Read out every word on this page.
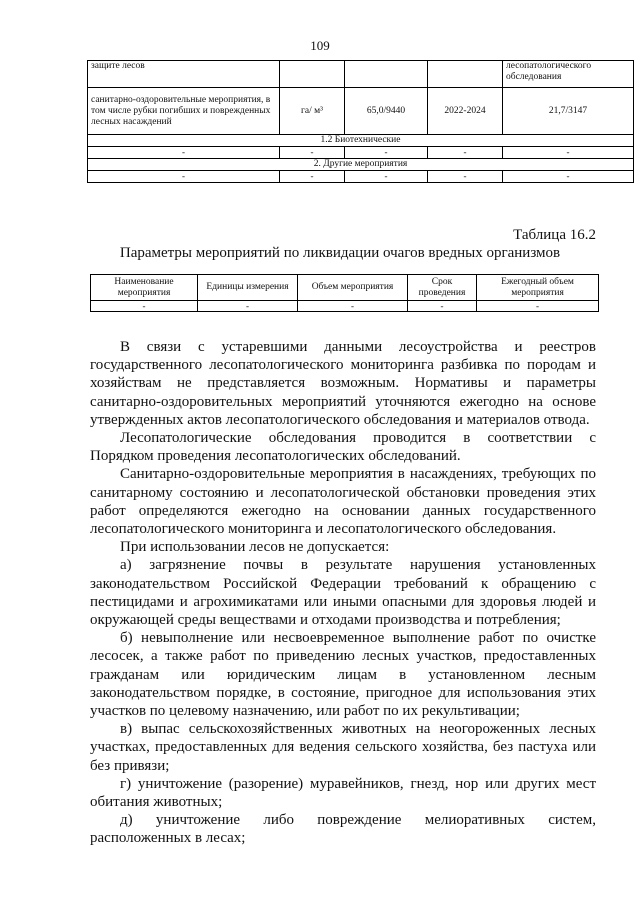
109
защите лесов				лесопатологического обследования
санитарно-оздоровительные мероприятия, в том числе рубки погибших и поврежденных лесных насаждений	га/ м³	65,0/9440	2022-2024	21,7/3147
1.2 Биотехнические				
-	-	-	-	-
2. Другие мероприятия				
-	-	-	-	-
Таблица 16.2
Параметры мероприятий по ликвидации очагов вредных организмов
Наименование мероприятия	Единицы измерения	Объем мероприятия	Срок проведения	Ежегодный объем мероприятия
-	-	-	-	-

В связи с устаревшими данными лесоустройства и реестров государственного лесопатологического мониторинга разбивка по породам и хозяйствам не представляется возможным. Нормативы и параметры санитарно-оздоровительных мероприятий уточняются ежегодно на основе утвержденных актов лесопатологического обследования и материалов отвода.

Лесопатологические обследования проводится в соответствии с Порядком проведения лесопатологических обследований.

Санитарно-оздоровительные мероприятия в насаждениях, требующих по санитарному состоянию и лесопатологической обстановки проведения этих работ определяются ежегодно на основании данных государственного лесопатологического мониторинга и лесопатологического обследования.

При использовании лесов не допускается:

а) загрязнение почвы в результате нарушения установленных законодательством Российской Федерации требований к обращению с пестицидами и агрохимикатами или иными опасными для здоровья людей и окружающей среды веществами и отходами производства и потребления;

б) невыполнение или несвоевременное выполнение работ по очистке лесосек, а также работ по приведению лесных участков, предоставленных гражданам или юридическим лицам в установленном лесным законодательством порядке, в состояние, пригодное для использования этих участков по целевому назначению, или работ по их рекультивации;

в) выпас сельскохозяйственных животных на неогороженных лесных участках, предоставленных для ведения сельского хозяйства, без пастуха или без привязи;

г) уничтожение (разорение) муравейников, гнезд, нор или других мест обитания животных;

д) уничтожение либо повреждение мелиоративных систем, расположенных в лесах;
